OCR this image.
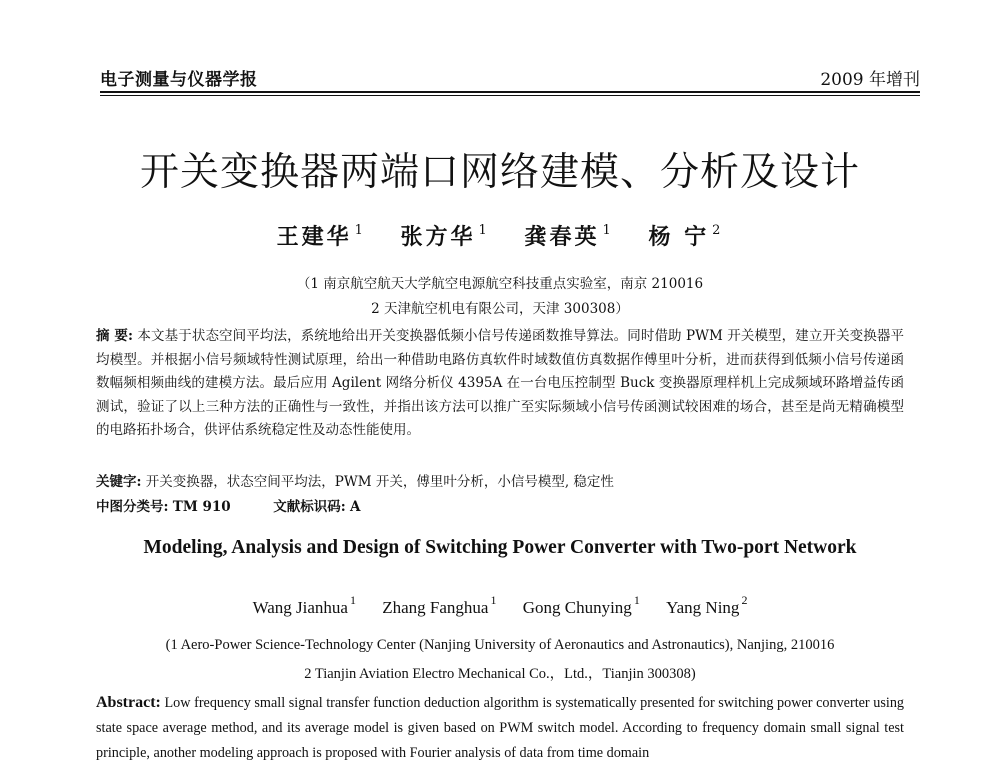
电子测量与仪器学报	2009 年增刊
开关变换器两端口网络建模、分析及设计
王建华 $^1$ 张方华 $^1$ 龚春英 $^1$ 杨 宁 $^2$
（1 南京航空航天大学航空电源航空科技重点实验室，南京 210016
2 天津航空机电有限公司，天津 300308）
摘 要: 本文基于状态空间平均法，系统地给出开关变换器低频小信号传递函数推导算法。同时借助 PWM 开关模型，建立开关变换器平均模型。并根据小信号频域特性测试原理，给出一种借助电路仿真软件时域数值仿真数据作傅里叶分析，进而获得到低频小信号传递函数幅频相频曲线的建模方法。最后应用 Agilent 网络分析仪 4395A 在一台电压控制型 Buck 变换器原理样机上完成频域环路增益传函测试，验证了以上三种方法的正确性与一致性，并指出该方法可以推广至实际频域小信号传函测试较困难的场合，甚至是尚无精确模型的电路拓扑场合，供评估系统稳定性及动态性能使用。
关键字: 开关变换器，状态空间平均法，PWM 开关，傅里叶分析，小信号模型, 稳定性
中图分类号: TM 910	文献标识码: A
Modeling, Analysis and Design of Switching Power Converter with Two-port Network
Wang Jianhua $^1$ Zhang Fanghua $^1$ Gong Chunying $^1$ Yang Ning $^2$
(1 Aero-Power Science-Technology Center (Nanjing University of Aeronautics and Astronautics), Nanjing, 210016
2 Tianjin Aviation Electro Mechanical Co.，Ltd.，Tianjin 300308)
Abstract: Low frequency small signal transfer function deduction algorithm is systematically presented for switching power converter using state space average method, and its average model is given based on PWM switch model. According to frequency domain small signal test principle, another modeling approach is proposed with Fourier analysis of data from time domain
